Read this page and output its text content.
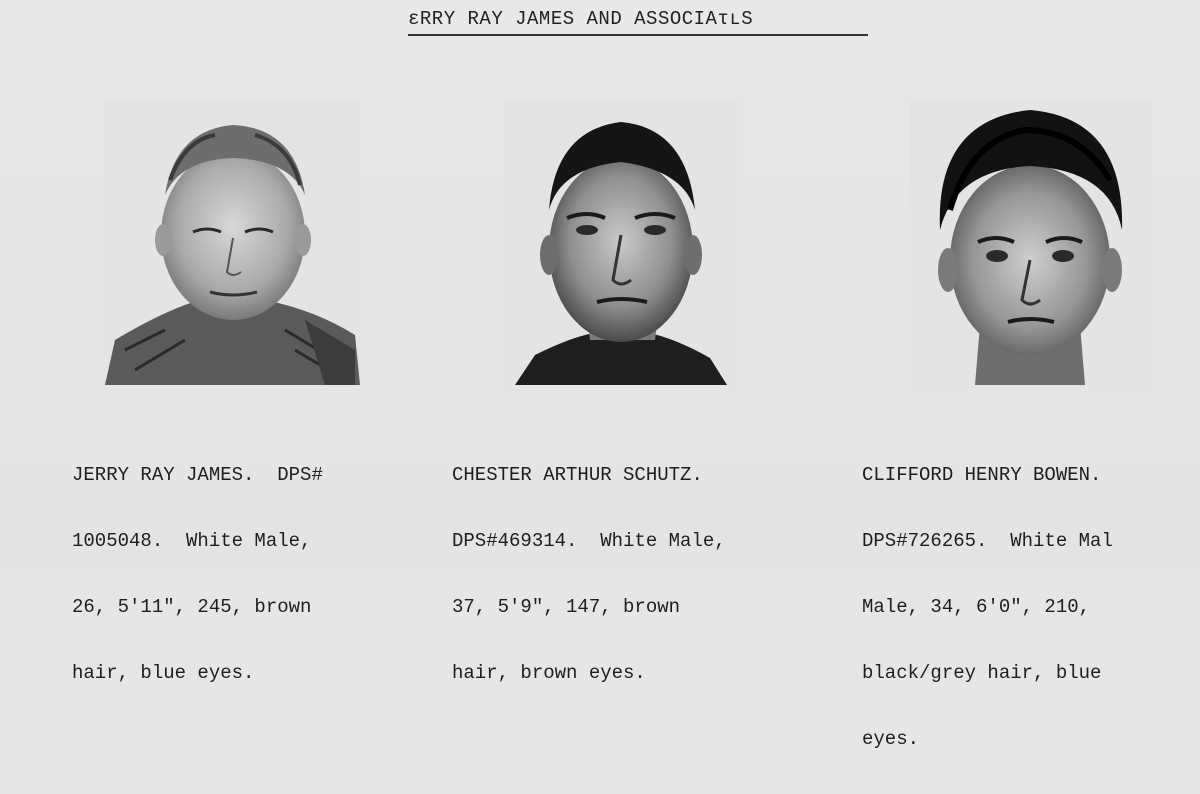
ɛRRY RAY JAMES AND ASSOCIAτʟS

JERRY RAY JAMES.  DPS#

1005048.  White Male,

26, 5'11", 245, brown

hair, blue eyes.

CHESTER ARTHUR SCHUTZ.

DPS#469314.  White Male,

37, 5'9", 147, brown

hair, brown eyes.

CLIFFORD HENRY BOWEN.

DPS#726265.  White Mal

Male, 34, 6'0", 210,

black/grey hair, blue

eyes.
